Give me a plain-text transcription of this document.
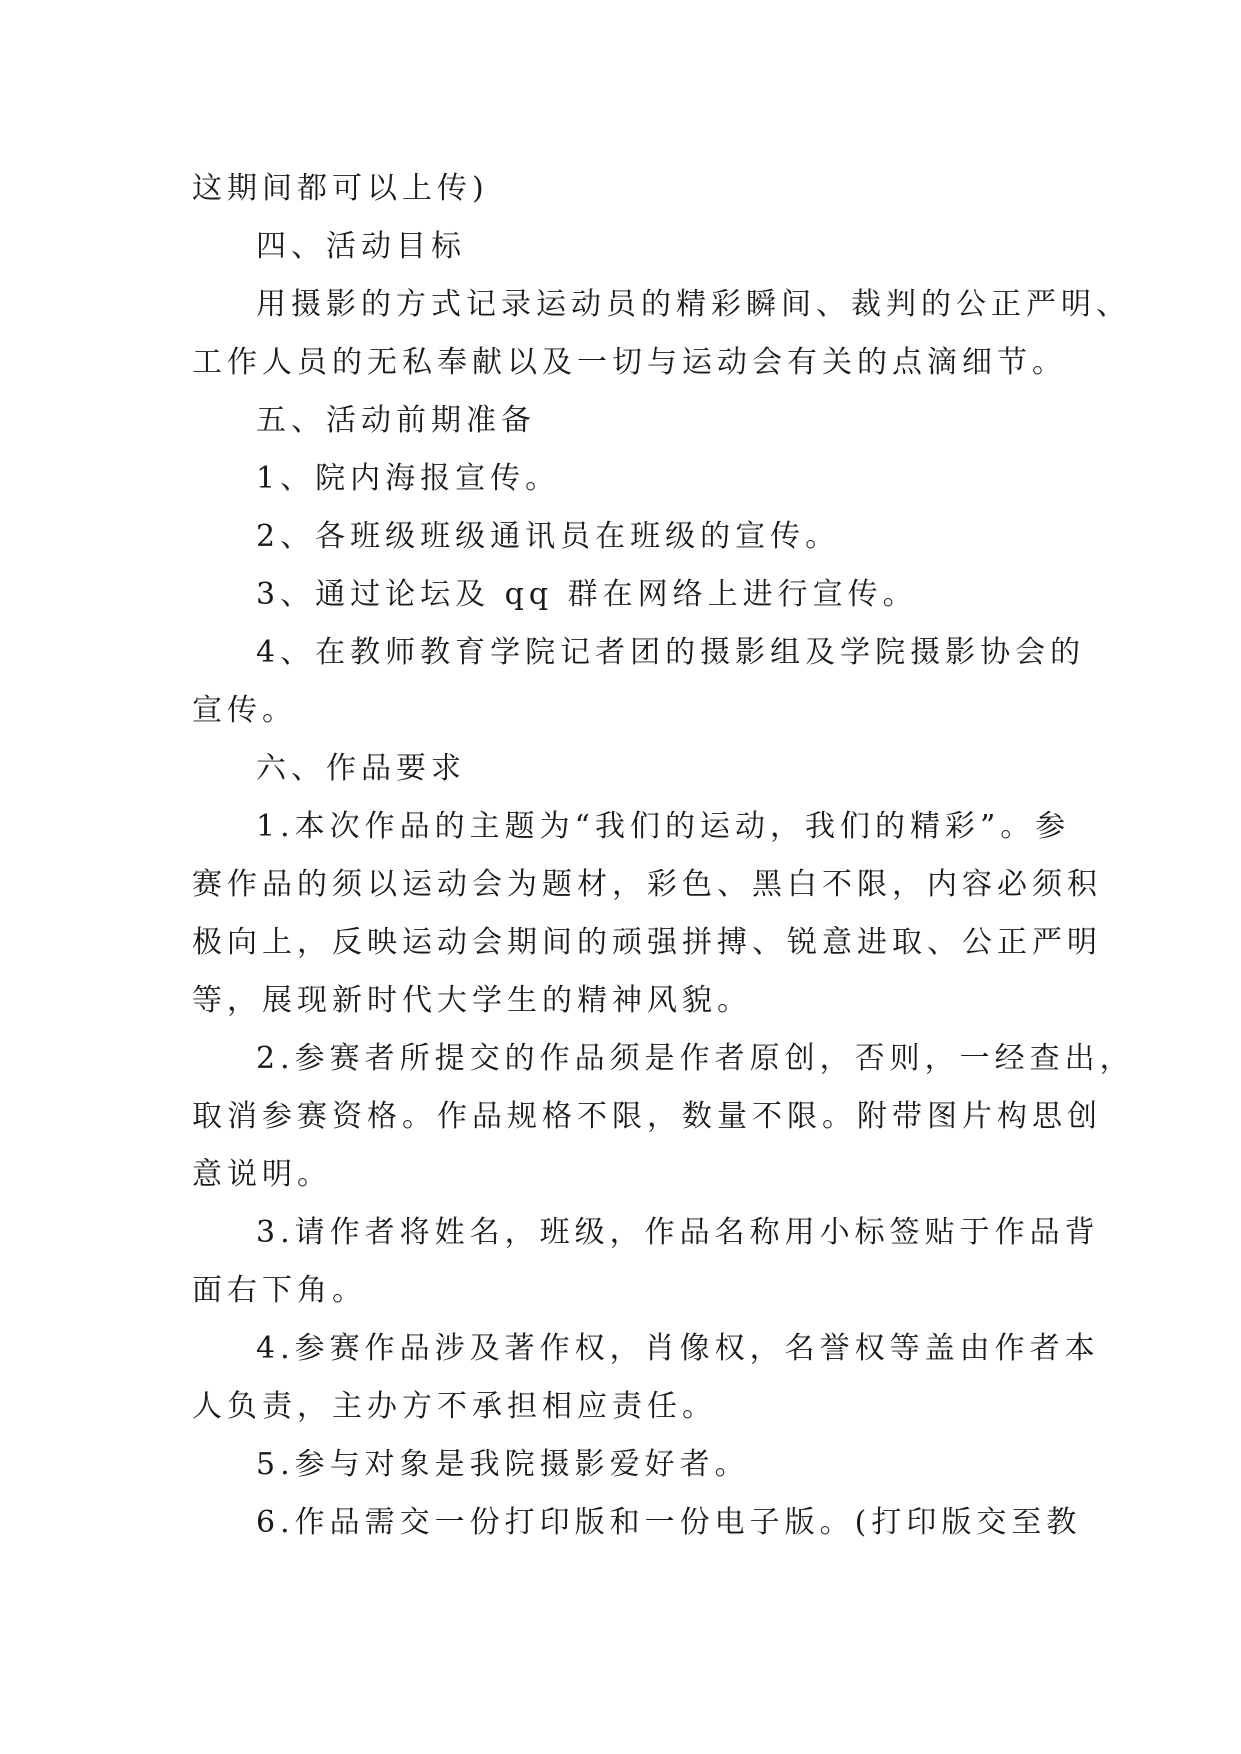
这期间都可以上传)
四、活动目标
用摄影的方式记录运动员的精彩瞬间、裁判的公正严明、
工作人员的无私奉献以及一切与运动会有关的点滴细节。
五、活动前期准备
1、院内海报宣传。
2、各班级班级通讯员在班级的宣传。
3、通过论坛及 qq 群在网络上进行宣传。
4、在教师教育学院记者团的摄影组及学院摄影协会的
宣传。
六、作品要求
1.本次作品的主题为“我们的运动，我们的精彩”。参
赛作品的须以运动会为题材，彩色、黑白不限，内容必须积
极向上，反映运动会期间的顽强拼搏、锐意进取、公正严明
等，展现新时代大学生的精神风貌。
2.参赛者所提交的作品须是作者原创，否则，一经查出，
取消参赛资格。作品规格不限，数量不限。附带图片构思创
意说明。
3.请作者将姓名，班级，作品名称用小标签贴于作品背
面右下角。
4.参赛作品涉及著作权，肖像权，名誉权等盖由作者本
人负责，主办方不承担相应责任。
5.参与对象是我院摄影爱好者。
6.作品需交一份打印版和一份电子版。(打印版交至教
